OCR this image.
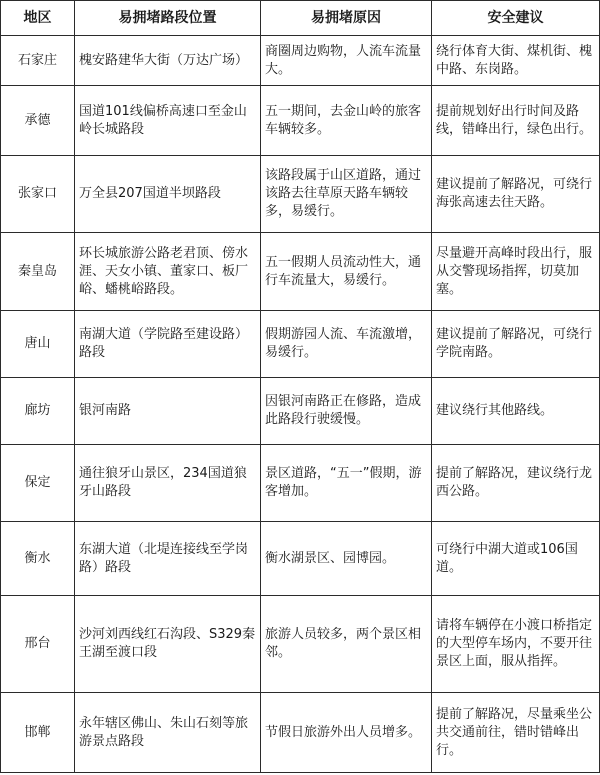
地区	易拥堵路段位置	易拥堵原因	安全建议
石家庄	槐安路建华大街（万达广场）	商圈周边购物，人流车流量大。	绕行体育大街、煤机街、槐中路、东岗路。
承德	国道101线偏桥高速口至金山岭长城路段	五一期间，去金山岭的旅客车辆较多。	提前规划好出行时间及路线，错峰出行，绿色出行。
张家口	万全县207国道半坝路段	该路段属于山区道路，通过该路去往草原天路车辆较多，易缓行。	建议提前了解路况，可绕行海张高速去往天路。
秦皇岛	环长城旅游公路老君顶、傍水涯、天女小镇、董家口、板厂峪、蟠桃峪路段。	五一假期人员流动性大，通行车流量大，易缓行。	尽量避开高峰时段出行，服从交警现场指挥，切莫加塞。
唐山	南湖大道（学院路至建设路）路段	假期游园人流、车流激增，易缓行。	建议提前了解路况，可绕行学院南路。
廊坊	银河南路	因银河南路正在修路，造成此路段行驶缓慢。	建议绕行其他路线。
保定	通往狼牙山景区，234国道狼牙山路段	景区道路，“五一”假期，游客增加。	提前了解路况，建议绕行龙西公路。
衡水	东湖大道（北堤连接线至学岗路）路段	衡水湖景区、园博园。	可绕行中湖大道或106国道。
邢台	沙河刘西线红石沟段、S329秦王湖至渡口段	旅游人员较多，两个景区相邻。	请将车辆停在小渡口桥指定的大型停车场内，不要开往景区上面，服从指挥。
邯郸	永年辖区佛山、朱山石刻等旅游景点路段	节假日旅游外出人员增多。	提前了解路况，尽量乘坐公共交通前往，错时错峰出行。
